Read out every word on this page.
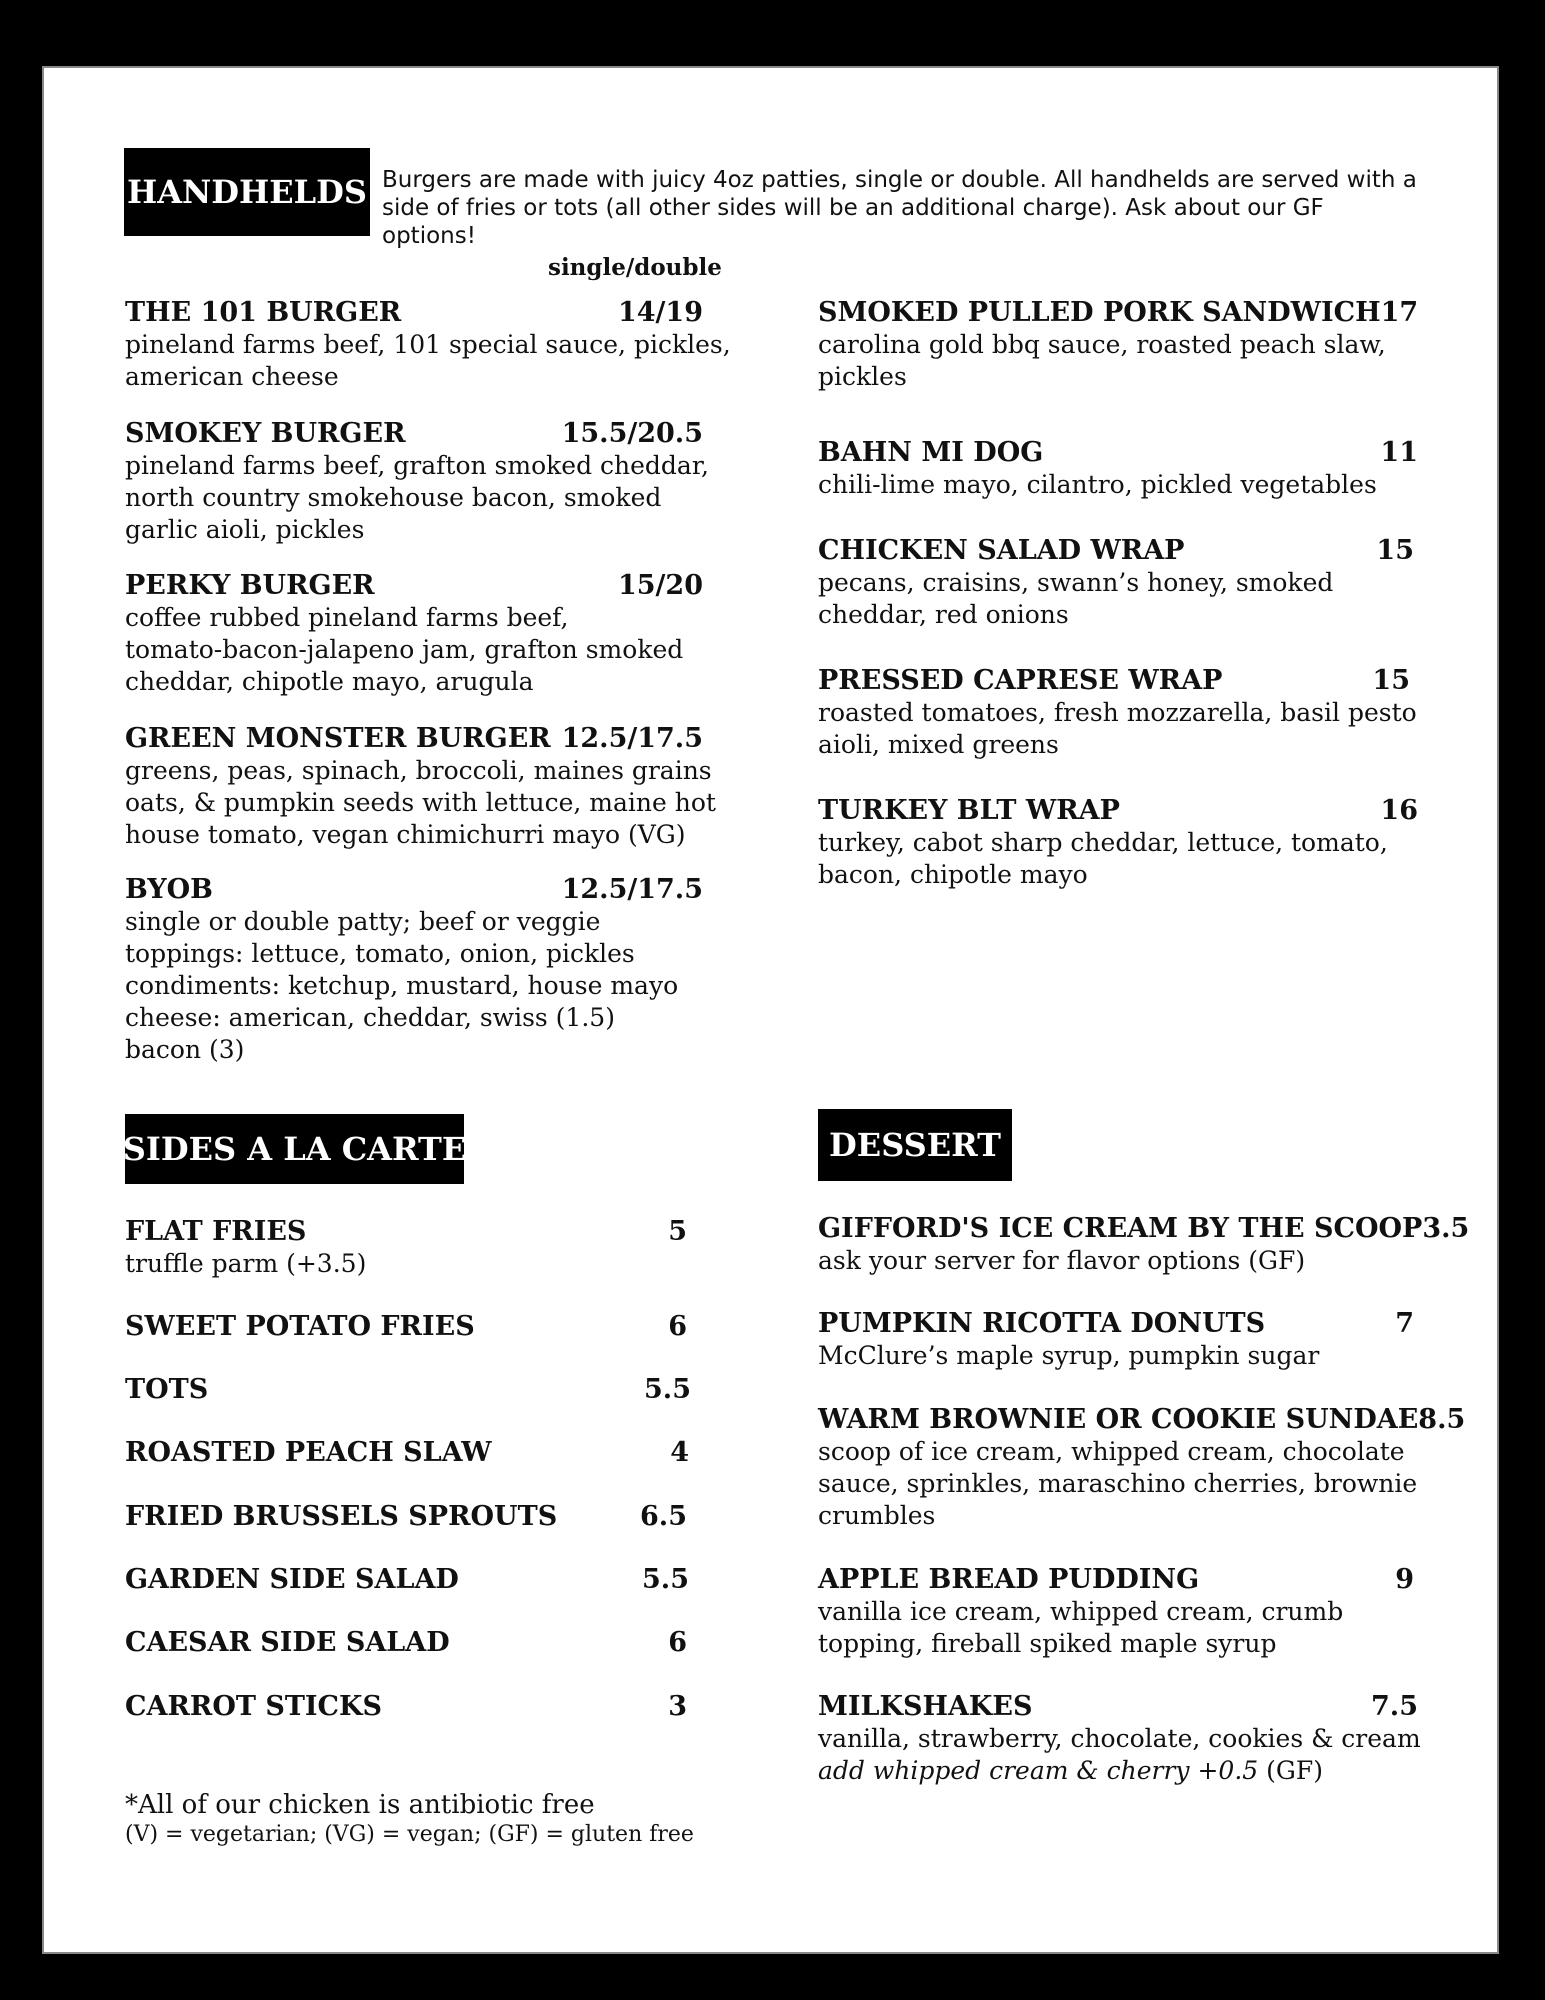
HANDHELDS
SIDES A LA CARTE	DESSERT
Burgers are made with juicy 4oz patties, single or double. All handhelds are served with a
side of fries or tots (all other sides will be an additional charge). Ask about our GF options!
single/double
THE 101 BURGER	14/19
pineland farms beef, 101 special sauce, pickles,
american cheese
SMOKEY BURGER	15.5/20.5
pineland farms beef, grafton smoked cheddar,
north country smokehouse bacon, smoked
garlic aioli, pickles
PERKY BURGER	15/20
coffee rubbed pineland farms beef,
tomato-bacon-jalapeno jam, grafton smoked
cheddar, chipotle mayo, arugula
GREEN MONSTER BURGER 12.5/17.5
greens, peas, spinach, broccoli, maines grains
oats, & pumpkin seeds with lettuce, maine hot
house tomato, vegan chimichurri mayo (VG)
BYOB	12.5/17.5
single or double patty; beef or veggie
toppings: lettuce, tomato, onion, pickles
condiments: ketchup, mustard, house mayo
cheese: american, cheddar, swiss (1.5)
bacon (3)
SMOKED PULLED PORK SANDWICH 17
carolina gold bbq sauce, roasted peach slaw,
pickles
BAHN MI DOG	11
chili-lime mayo, cilantro, pickled vegetables
CHICKEN SALAD WRAP	15
pecans, craisins, swann’s honey, smoked
cheddar, red onions
PRESSED CAPRESE WRAP	15
roasted tomatoes, fresh mozzarella, basil pesto
aioli, mixed greens
TURKEY BLT WRAP	16
turkey, cabot sharp cheddar, lettuce, tomato,
bacon, chipotle mayo
FLAT FRIES	5
truffle parm (+3.5)
SWEET POTATO FRIES	6
TOTS	5.5
ROASTED PEACH SLAW	4
FRIED BRUSSELS SPROUTS	6.5
GARDEN SIDE SALAD	5.5
CAESAR SIDE SALAD	6
CARROT STICKS	3
GIFFORD'S ICE CREAM BY THE SCOOP 3.5
ask your server for flavor options (GF)
PUMPKIN RICOTTA DONUTS	7
McClure’s maple syrup, pumpkin sugar
WARM BROWNIE OR COOKIE SUNDAE 8.5
scoop of ice cream, whipped cream, chocolate
sauce, sprinkles, maraschino cherries, brownie
crumbles
APPLE BREAD PUDDING	9
vanilla ice cream, whipped cream, crumb
topping, fireball spiked maple syrup
MILKSHAKES	7.5
vanilla, strawberry, chocolate, cookies & cream
add whipped cream & cherry +0.5 (GF)
*All of our chicken is antibiotic free
(V) = vegetarian; (VG) = vegan; (GF) = gluten free
